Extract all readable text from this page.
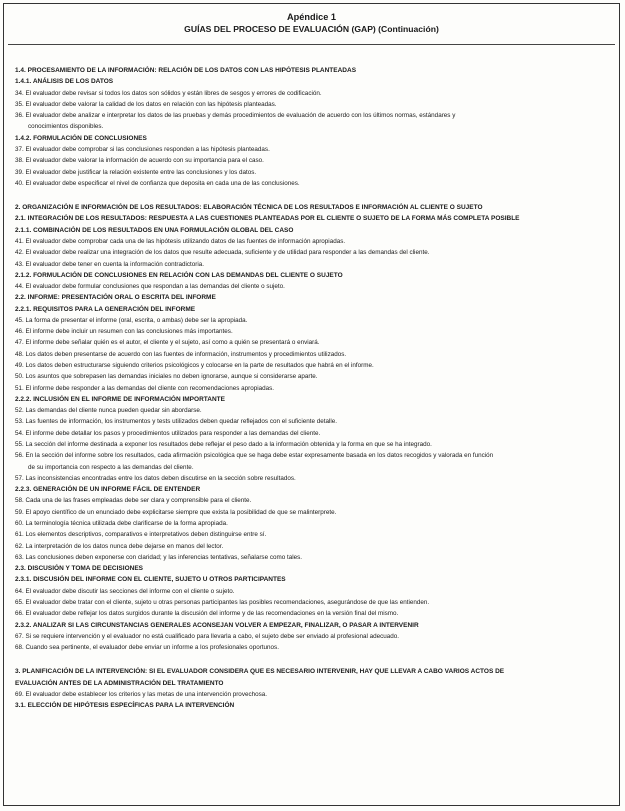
Apéndice 1
GUÍAS DEL PROCESO DE EVALUACIÓN (GAP) (Continuación)
1.4. PROCESAMIENTO DE LA INFORMACIÓN: RELACIÓN DE LOS DATOS CON LAS HIPÓTESIS PLANTEADAS
1.4.1. ANÁLISIS DE LOS DATOS
34. El evaluador debe revisar si todos los datos son sólidos y están libres de sesgos y errores de codificación.
35. El evaluador debe valorar la calidad de los datos en relación con las hipótesis planteadas.
36. El evaluador debe analizar e interpretar los datos de las pruebas y demás procedimientos de evaluación de acuerdo con los últimos normas, estándares y
conocimientos disponibles.
1.4.2. FORMULACIÓN DE CONCLUSIONES
37. El evaluador debe comprobar si las conclusiones responden a las hipótesis planteadas.
38. El evaluador debe valorar la información de acuerdo con su importancia para el caso.
39. El evaluador debe justificar la relación existente entre las conclusiones y los datos.
40. El evaluador debe especificar el nivel de confianza que deposita en cada una de las conclusiones.
2. ORGANIZACIÓN E INFORMACIÓN DE LOS RESULTADOS: ELABORACIÓN TÉCNICA DE LOS RESULTADOS E INFORMACIÓN AL CLIENTE O SUJETO
2.1. INTEGRACIÓN DE LOS RESULTADOS: RESPUESTA A LAS CUESTIONES PLANTEADAS POR EL CLIENTE O SUJETO DE LA FORMA MÁS COMPLETA POSIBLE
2.1.1. COMBINACIÓN DE LOS RESULTADOS EN UNA FORMULACIÓN GLOBAL DEL CASO
41. El evaluador debe comprobar cada una de las hipótesis utilizando datos de las fuentes de información apropiadas.
42. El evaluador debe realizar una integración de los datos que resulte adecuada, suficiente y de utilidad para responder a las demandas del cliente.
43. El evaluador debe tener en cuenta la información contradictoria.
2.1.2. FORMULACIÓN DE CONCLUSIONES EN RELACIÓN CON LAS DEMANDAS DEL CLIENTE O SUJETO
44. El evaluador debe formular conclusiones que respondan a las demandas del cliente o sujeto.
2.2. INFORME: PRESENTACIÓN ORAL O ESCRITA DEL INFORME
2.2.1. REQUISITOS PARA LA GENERACIÓN DEL INFORME
45. La forma de presentar el informe (oral, escrita, o ambas) debe ser la apropiada.
46. El informe debe incluir un resumen con las conclusiones más importantes.
47. El informe debe señalar quién es el autor, el cliente y el sujeto, así como a quién se presentará o enviará.
48. Los datos deben presentarse de acuerdo con las fuentes de información, instrumentos y procedimientos utilizados.
49. Los datos deben estructurarse siguiendo criterios psicológicos y colocarse en la parte de resultados que habrá en el informe.
50. Los asuntos que sobrepasen las demandas iniciales no deben ignorarse, aunque si considerarse aparte.
51. El informe debe responder a las demandas del cliente con recomendaciones apropiadas.
2.2.2. INCLUSIÓN EN EL INFORME DE INFORMACIÓN IMPORTANTE
52. Las demandas del cliente nunca pueden quedar sin abordarse.
53. Las fuentes de información, los instrumentos y tests utilizados deben quedar reflejados con el suficiente detalle.
54. El informe debe detallar los pasos y procedimientos utilizados para responder a las demandas del cliente.
55. La sección del informe destinada a exponer los resultados debe reflejar el peso dado a la información obtenida y la forma en que se ha integrado.
56. En la sección del informe sobre los resultados, cada afirmación psicológica que se haga debe estar expresamente basada en los datos recogidos y valorada en función
de su importancia con respecto a las demandas del cliente.
57. Las inconsistencias encontradas entre los datos deben discutirse en la sección sobre resultados.
2.2.3. GENERACIÓN DE UN INFORME FÁCIL DE ENTENDER
58. Cada una de las frases empleadas debe ser clara y comprensible para el cliente.
59. El apoyo científico de un enunciado debe explicitarse siempre que exista la posibilidad de que se malinterprete.
60. La terminología técnica utilizada debe clarificarse de la forma apropiada.
61. Los elementos descriptivos, comparativos e interpretativos deben distinguirse entre sí.
62. La interpretación de los datos nunca debe dejarse en manos del lector.
63. Las conclusiones deben exponerse con claridad; y las inferencias tentativas, señalarse como tales.
2.3. DISCUSIÓN Y TOMA DE DECISIONES
2.3.1. DISCUSIÓN DEL INFORME CON EL CLIENTE, SUJETO U OTROS PARTICIPANTES
64. El evaluador debe discutir las secciones del informe con el cliente o sujeto.
65. El evaluador debe tratar con el cliente, sujeto u otras personas participantes las posibles recomendaciones, asegurándose de que las entienden.
66. El evaluador debe reflejar los datos surgidos durante la discusión del informe y de las recomendaciones en la versión final del mismo.
2.3.2. ANALIZAR SI LAS CIRCUNSTANCIAS GENERALES ACONSEJAN VOLVER A EMPEZAR, FINALIZAR, O PASAR A INTERVENIR
67. Si se requiere intervención y el evaluador no está cualificado para llevarla a cabo, el sujeto debe ser enviado al profesional adecuado.
68. Cuando sea pertinente, el evaluador debe enviar un informe a los profesionales oportunos.
3. PLANIFICACIÓN DE LA INTERVENCIÓN: SI EL EVALUADOR CONSIDERA QUE ES NECESARIO INTERVENIR, HAY QUE LLEVAR A CABO VARIOS ACTOS DE
EVALUACIÓN ANTES DE LA ADMINISTRACIÓN DEL TRATAMIENTO
69. El evaluador debe establecer los criterios y las metas de una intervención provechosa.
3.1. ELECCIÓN DE HIPÓTESIS ESPECÍFICAS PARA LA INTERVENCIÓN
